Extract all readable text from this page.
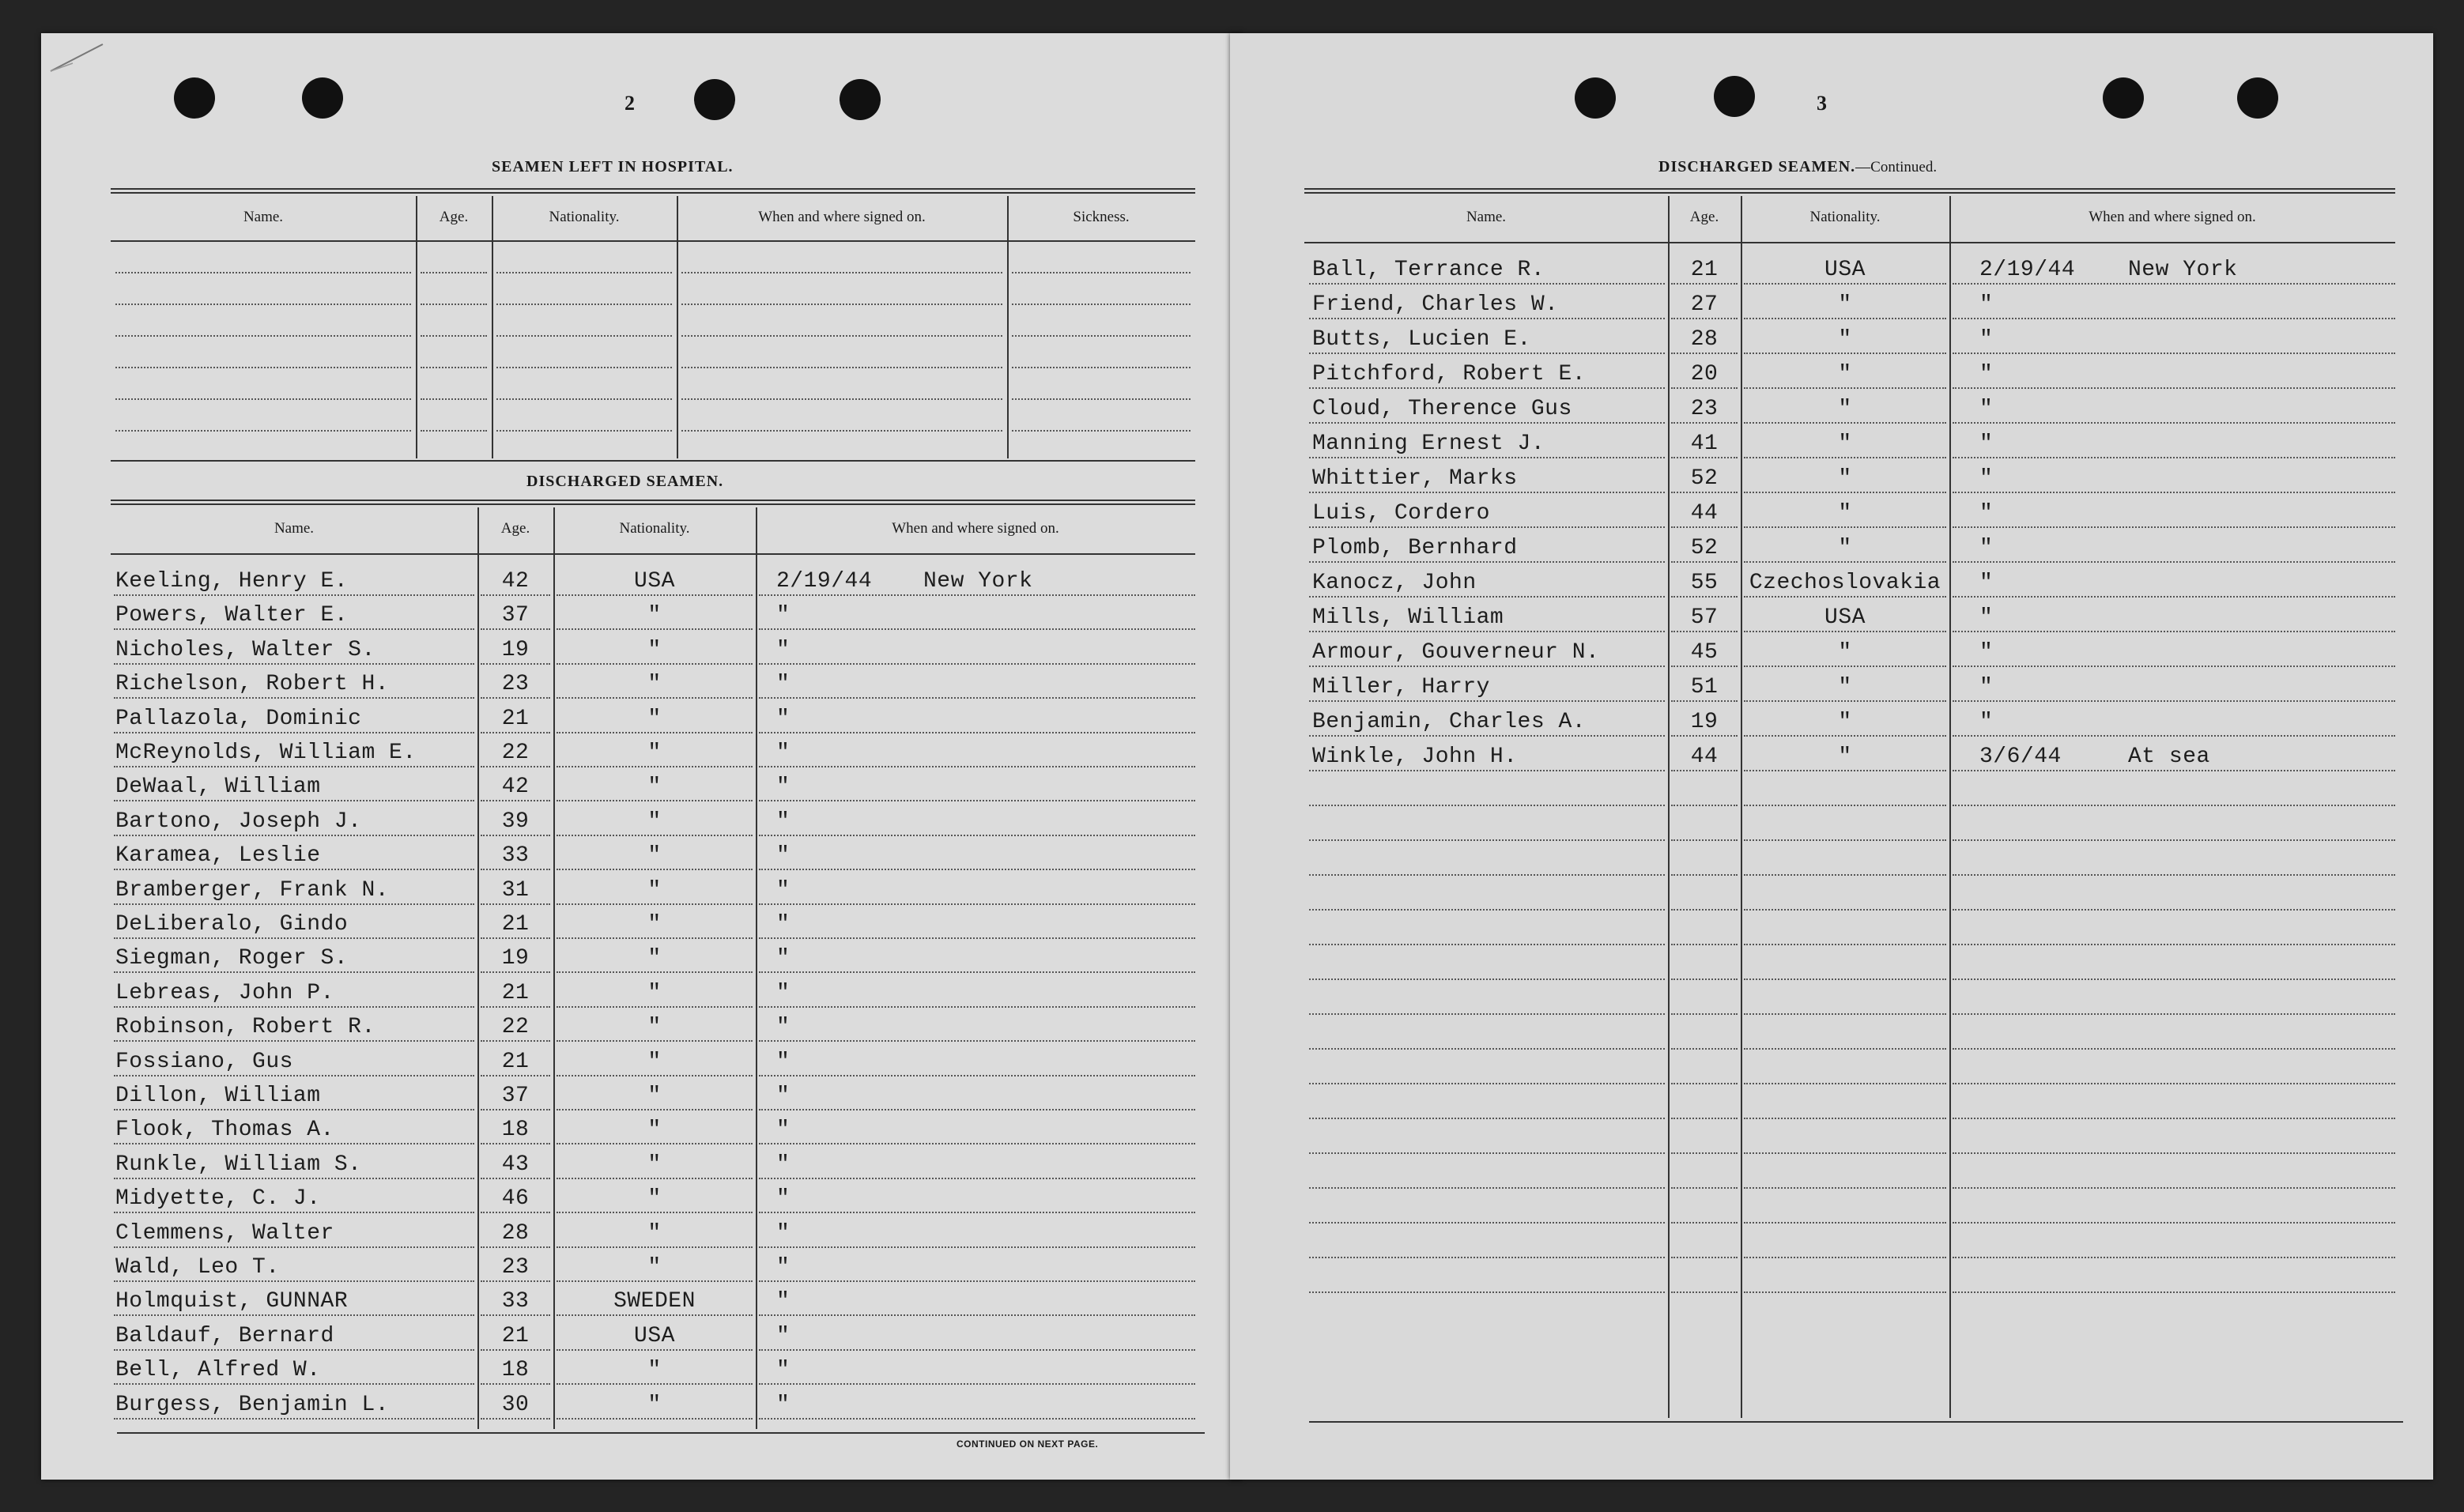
2
SEAMEN LEFT IN HOSPITAL.
Name.	Age.	Nationality.	When and where signed on.	Sickness.
DISCHARGED SEAMEN.
Name.	Age.	Nationality.	When and where signed on.
Keeling, Henry E.	42	USA	2/19/44 New York
Powers, Walter E.	37	"	"
Nicholes, Walter S.	19	"	"
Richelson, Robert H.	23	"	"
Pallazola, Dominic	21	"	"
McReynolds, William E.	22	"	"
DeWaal, William	42	"	"
Bartono, Joseph J.	39	"	"
Karamea, Leslie	33	"	"
Bramberger, Frank N.	31	"	"
DeLiberalo, Gindo	21	"	"
Siegman, Roger S.	19	"	"
Lebreas, John P.	21	"	"
Robinson, Robert R.	22	"	"
Fossiano, Gus	21	"	"
Dillon, William	37	"	"
Flook, Thomas A.	18	"	"
Runkle, William S.	43	"	"
Midyette, C. J.	46	"	"
Clemmens, Walter	28	"	"
Wald, Leo T.	23	"	"
Holmquist, GUNNAR	33	SWEDEN	"
Baldauf, Bernard	21	USA	"
Bell, Alfred W.	18	"	"
Burgess, Benjamin L.	30	"	"
CONTINUED ON NEXT PAGE.
3
DISCHARGED SEAMEN.—Continued.
Name.	Age.	Nationality.	When and where signed on.
Ball, Terrance R.	21	USA	2/19/44 New York
Friend, Charles W.	27	"	"
Butts, Lucien E.	28	"	"
Pitchford, Robert E.	20	"	"
Cloud, Therence Gus	23	"	"
Manning Ernest J.	41	"	"
Whittier, Marks	52	"	"
Luis, Cordero	44	"	"
Plomb, Bernhard	52	"	"
Kanocz, John	55	Czechoslovakia	"
Mills, William	57	USA	"
Armour, Gouverneur N.	45	"	"
Miller, Harry	51	"	"
Benjamin, Charles A.	19	"	"
Winkle, John H.	44	"	3/6/44	At sea
